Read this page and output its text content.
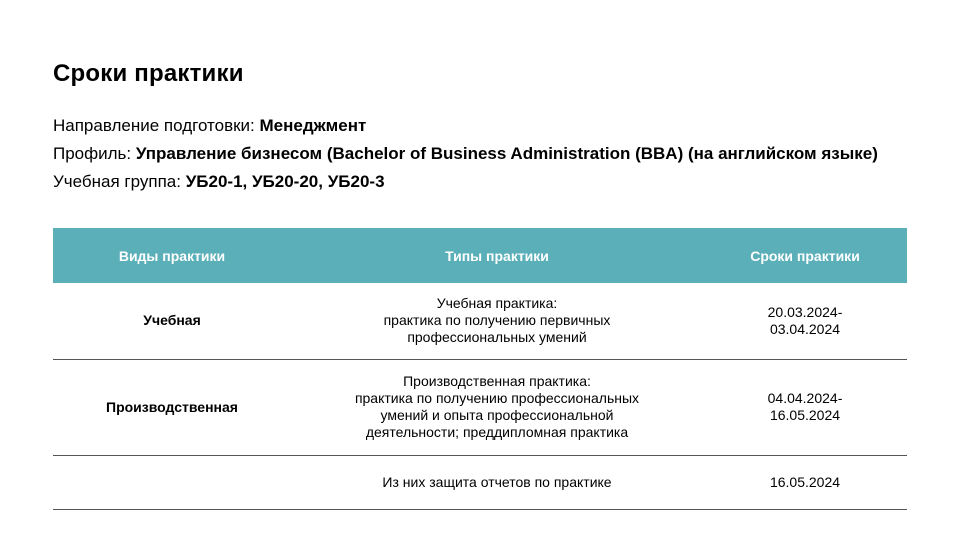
Сроки практики
Направление подготовки: Менеджмент
Профиль: Управление бизнесом (Bachelor of Business Administration (BBA) (на английском языке)
Учебная группа: УБ20-1, УБ20-20, УБ20-3
Виды практики	Типы практики	Сроки практики
Учебная	Учебная практика:
практика по получению первичных
профессиональных умений	20.03.2024-
03.04.2024
Производственная	Производственная практика:
практика по получению профессиональных
умений и опыта профессиональной
деятельности; преддипломная практика	04.04.2024-
16.05.2024
	Из них защита отчетов по практике	16.05.2024
